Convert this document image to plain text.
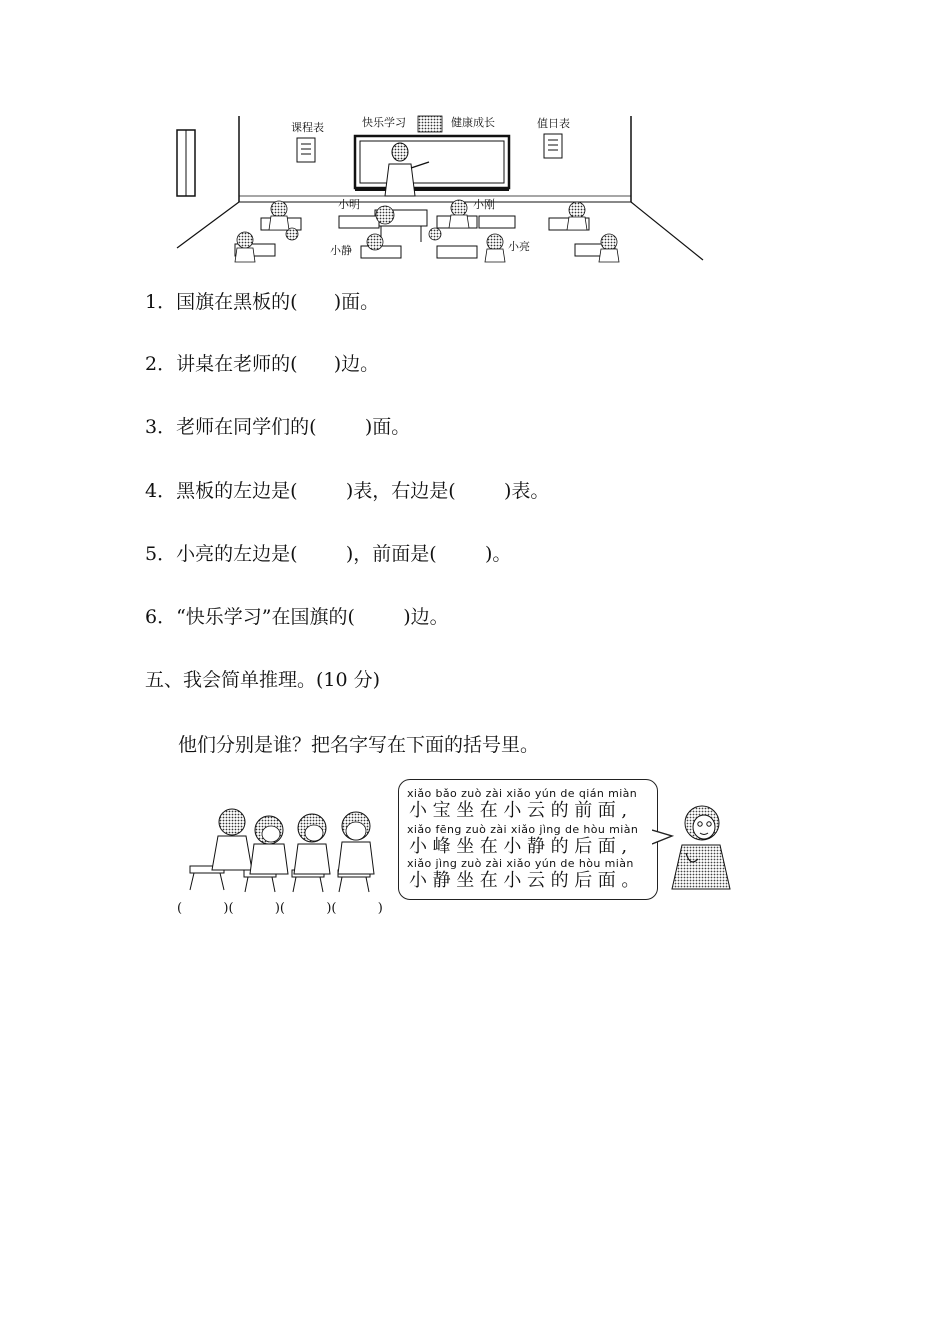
课程表	快乐学习	健康成长	值日表
小明	小刚
小静	小亮
1．国旗在黑板的(      )面。
2．讲桌在老师的(      )边。
3．老师在同学们的(        )面。
4．黑板的左边是(        )表，右边是(        )表。
5．小亮的左边是(        )，前面是(        )。
6．“快乐学习”在国旗的(        )边。
五、我会简单推理。(10 分)
他们分别是谁？把名字写在下面的括号里。
(          )(          )(          )(          )
xiǎo bǎo zuò zài xiǎo yún de qián miàn
小宝坐在小云的前面,
xiǎo fēng zuò zài xiǎo jìng de hòu miàn
小峰坐在小静的后面,
xiǎo jìng zuò zài xiǎo yún de hòu miàn
小静坐在小云的后面。
